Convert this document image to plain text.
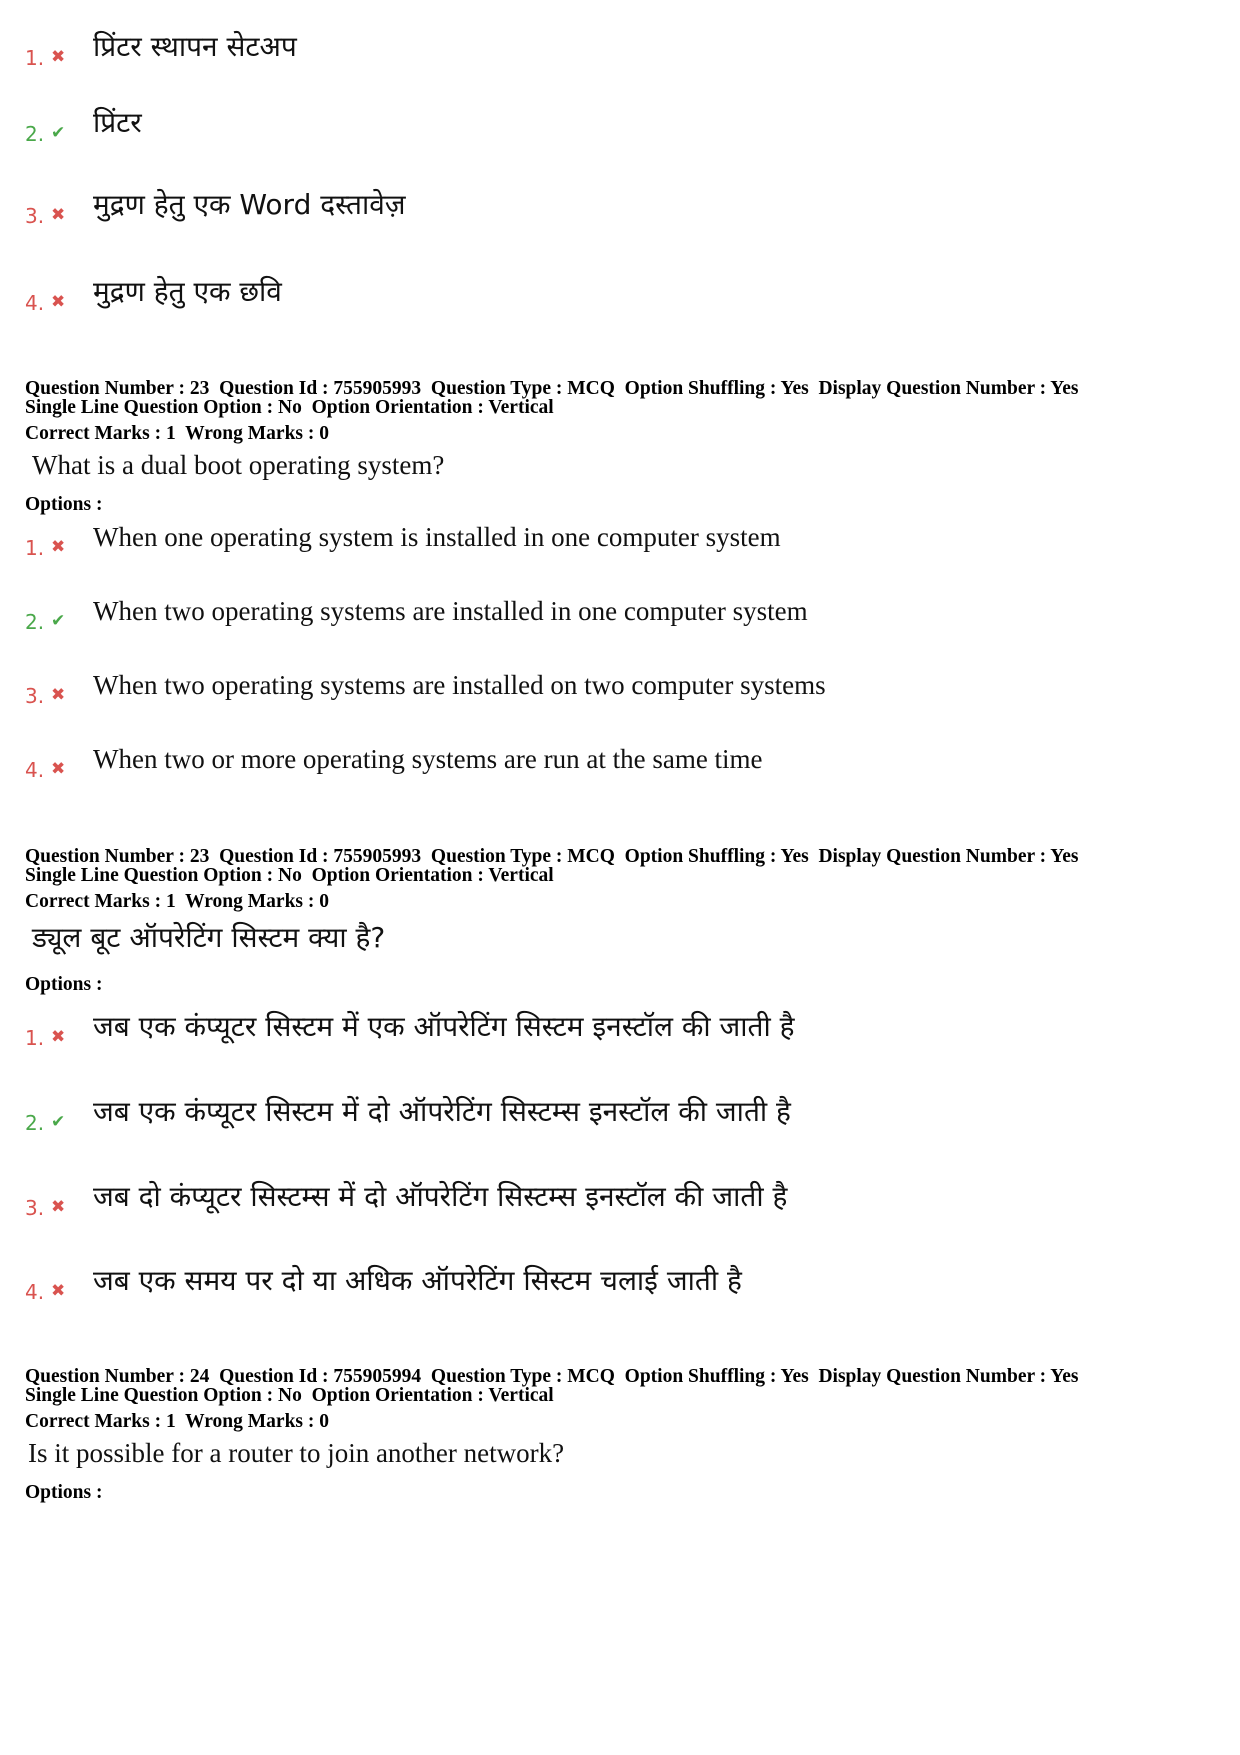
1. ✖ प्रिंटर स्थापन सेटअप
2. ✔ प्रिंटर
3. ✖ मुद्रण हेतु एक Word दस्तावेज़
4. ✖ मुद्रण हेतु एक छवि
Question Number : 23  Question Id : 755905993  Question Type : MCQ  Option Shuffling : Yes  Display Question Number : Yes
Single Line Question Option : No  Option Orientation : Vertical
Correct Marks : 1  Wrong Marks : 0
What is a dual boot operating system?
Options :
1. ✖ When one operating system is installed in one computer system
2. ✔ When two operating systems are installed in one computer system
3. ✖ When two operating systems are installed on two computer systems
4. ✖ When two or more operating systems are run at the same time
Question Number : 23  Question Id : 755905993  Question Type : MCQ  Option Shuffling : Yes  Display Question Number : Yes
Single Line Question Option : No  Option Orientation : Vertical
Correct Marks : 1  Wrong Marks : 0
ड्यूल बूट ऑपरेटिंग सिस्टम क्या है?
Options :
1. ✖ जब एक कंप्यूटर सिस्टम में एक ऑपरेटिंग सिस्टम इनस्टॉल की जाती है
2. ✔ जब एक कंप्यूटर सिस्टम में दो ऑपरेटिंग सिस्टम्स इनस्टॉल की जाती है
3. ✖ जब दो कंप्यूटर सिस्टम्स में दो ऑपरेटिंग सिस्टम्स इनस्टॉल की जाती है
4. ✖ जब एक समय पर दो या अधिक ऑपरेटिंग सिस्टम चलाई जाती है
Question Number : 24  Question Id : 755905994  Question Type : MCQ  Option Shuffling : Yes  Display Question Number : Yes
Single Line Question Option : No  Option Orientation : Vertical
Correct Marks : 1  Wrong Marks : 0
Is it possible for a router to join another network?
Options :
